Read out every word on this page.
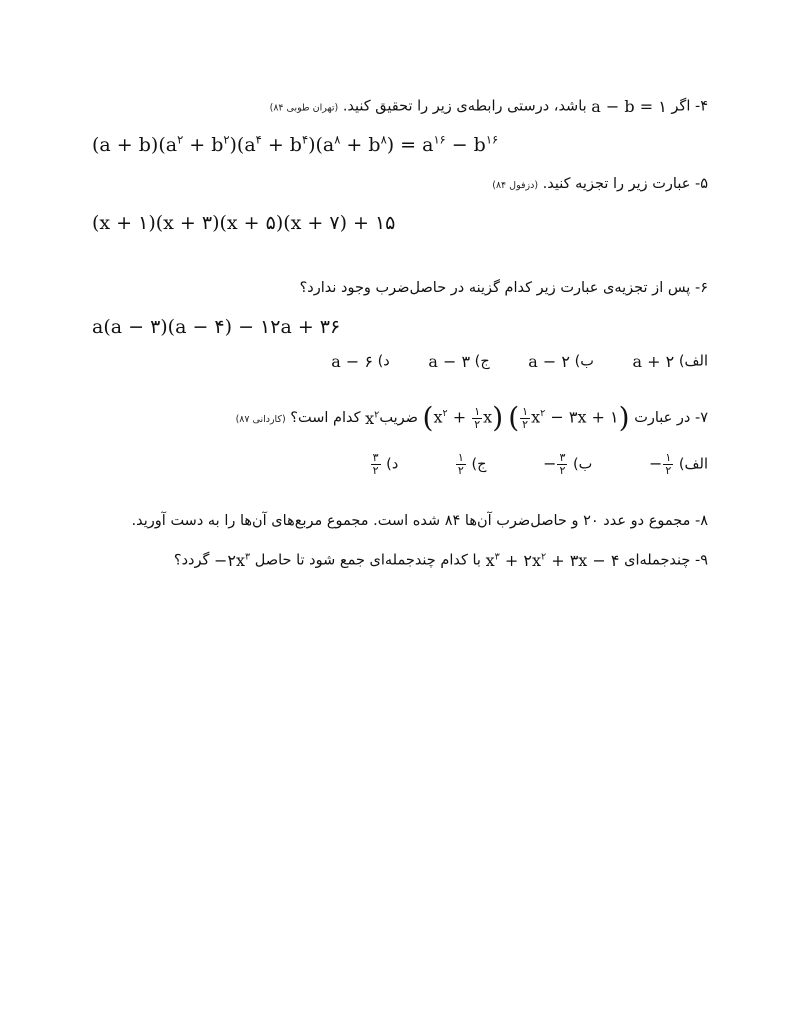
۴- اگر a − b = ۱ باشد، درستی رابطه‌ی زیر را تحقیق کنید. (تهران طوبی ۸۴)
$(a + b)(a^۲ + b^۲)(a^۴ + b^۴)(a^۸ + b^۸) = a^{۱۶} - b^{۱۶}$
۵- عبارت زیر را تجزیه کنید. (دزفول ۸۴)
(x + ۱)(x + ۳)(x + ۵)(x + ۷) + ۱۵
۶- پس از تجزیه‌ی عبارت زیر کدام گزینه در حاصل‌ضرب وجود ندارد؟
a(a − ۳)(a − ۴) − ۱۲a + ۳۶
الف) a + ۲ ب) a − ۲ ج) a − ۳ د) a − ۶
۷- در عبارت $(x^۲ + \frac{۱}{۲} x)$ ( $\frac{۱}{۲} x^۲$ − ۳x + ۱) ضریبx$^۲$ کدام است؟ (کاردانی ۸۷)
الف) − $\frac{۱}{۲}$
ب) − $\frac{۳}{۲}$
ج)
$\frac{۱}{۲}$
د)
$\frac{۳}{۲}$
۸- مجموع دو عدد ۲۰ و حاصل‌ضرب آن‌ها ۸۴ شده است. مجموع مربع‌های آن‌ها را به دست آورید.
۹- چندجمله‌ای $x^۳$ + $۲x^۲$ + ۳x − ۴ با کدام چندجمله‌ای جمع شود تا حاصل $-۲x^۳$ گردد؟
